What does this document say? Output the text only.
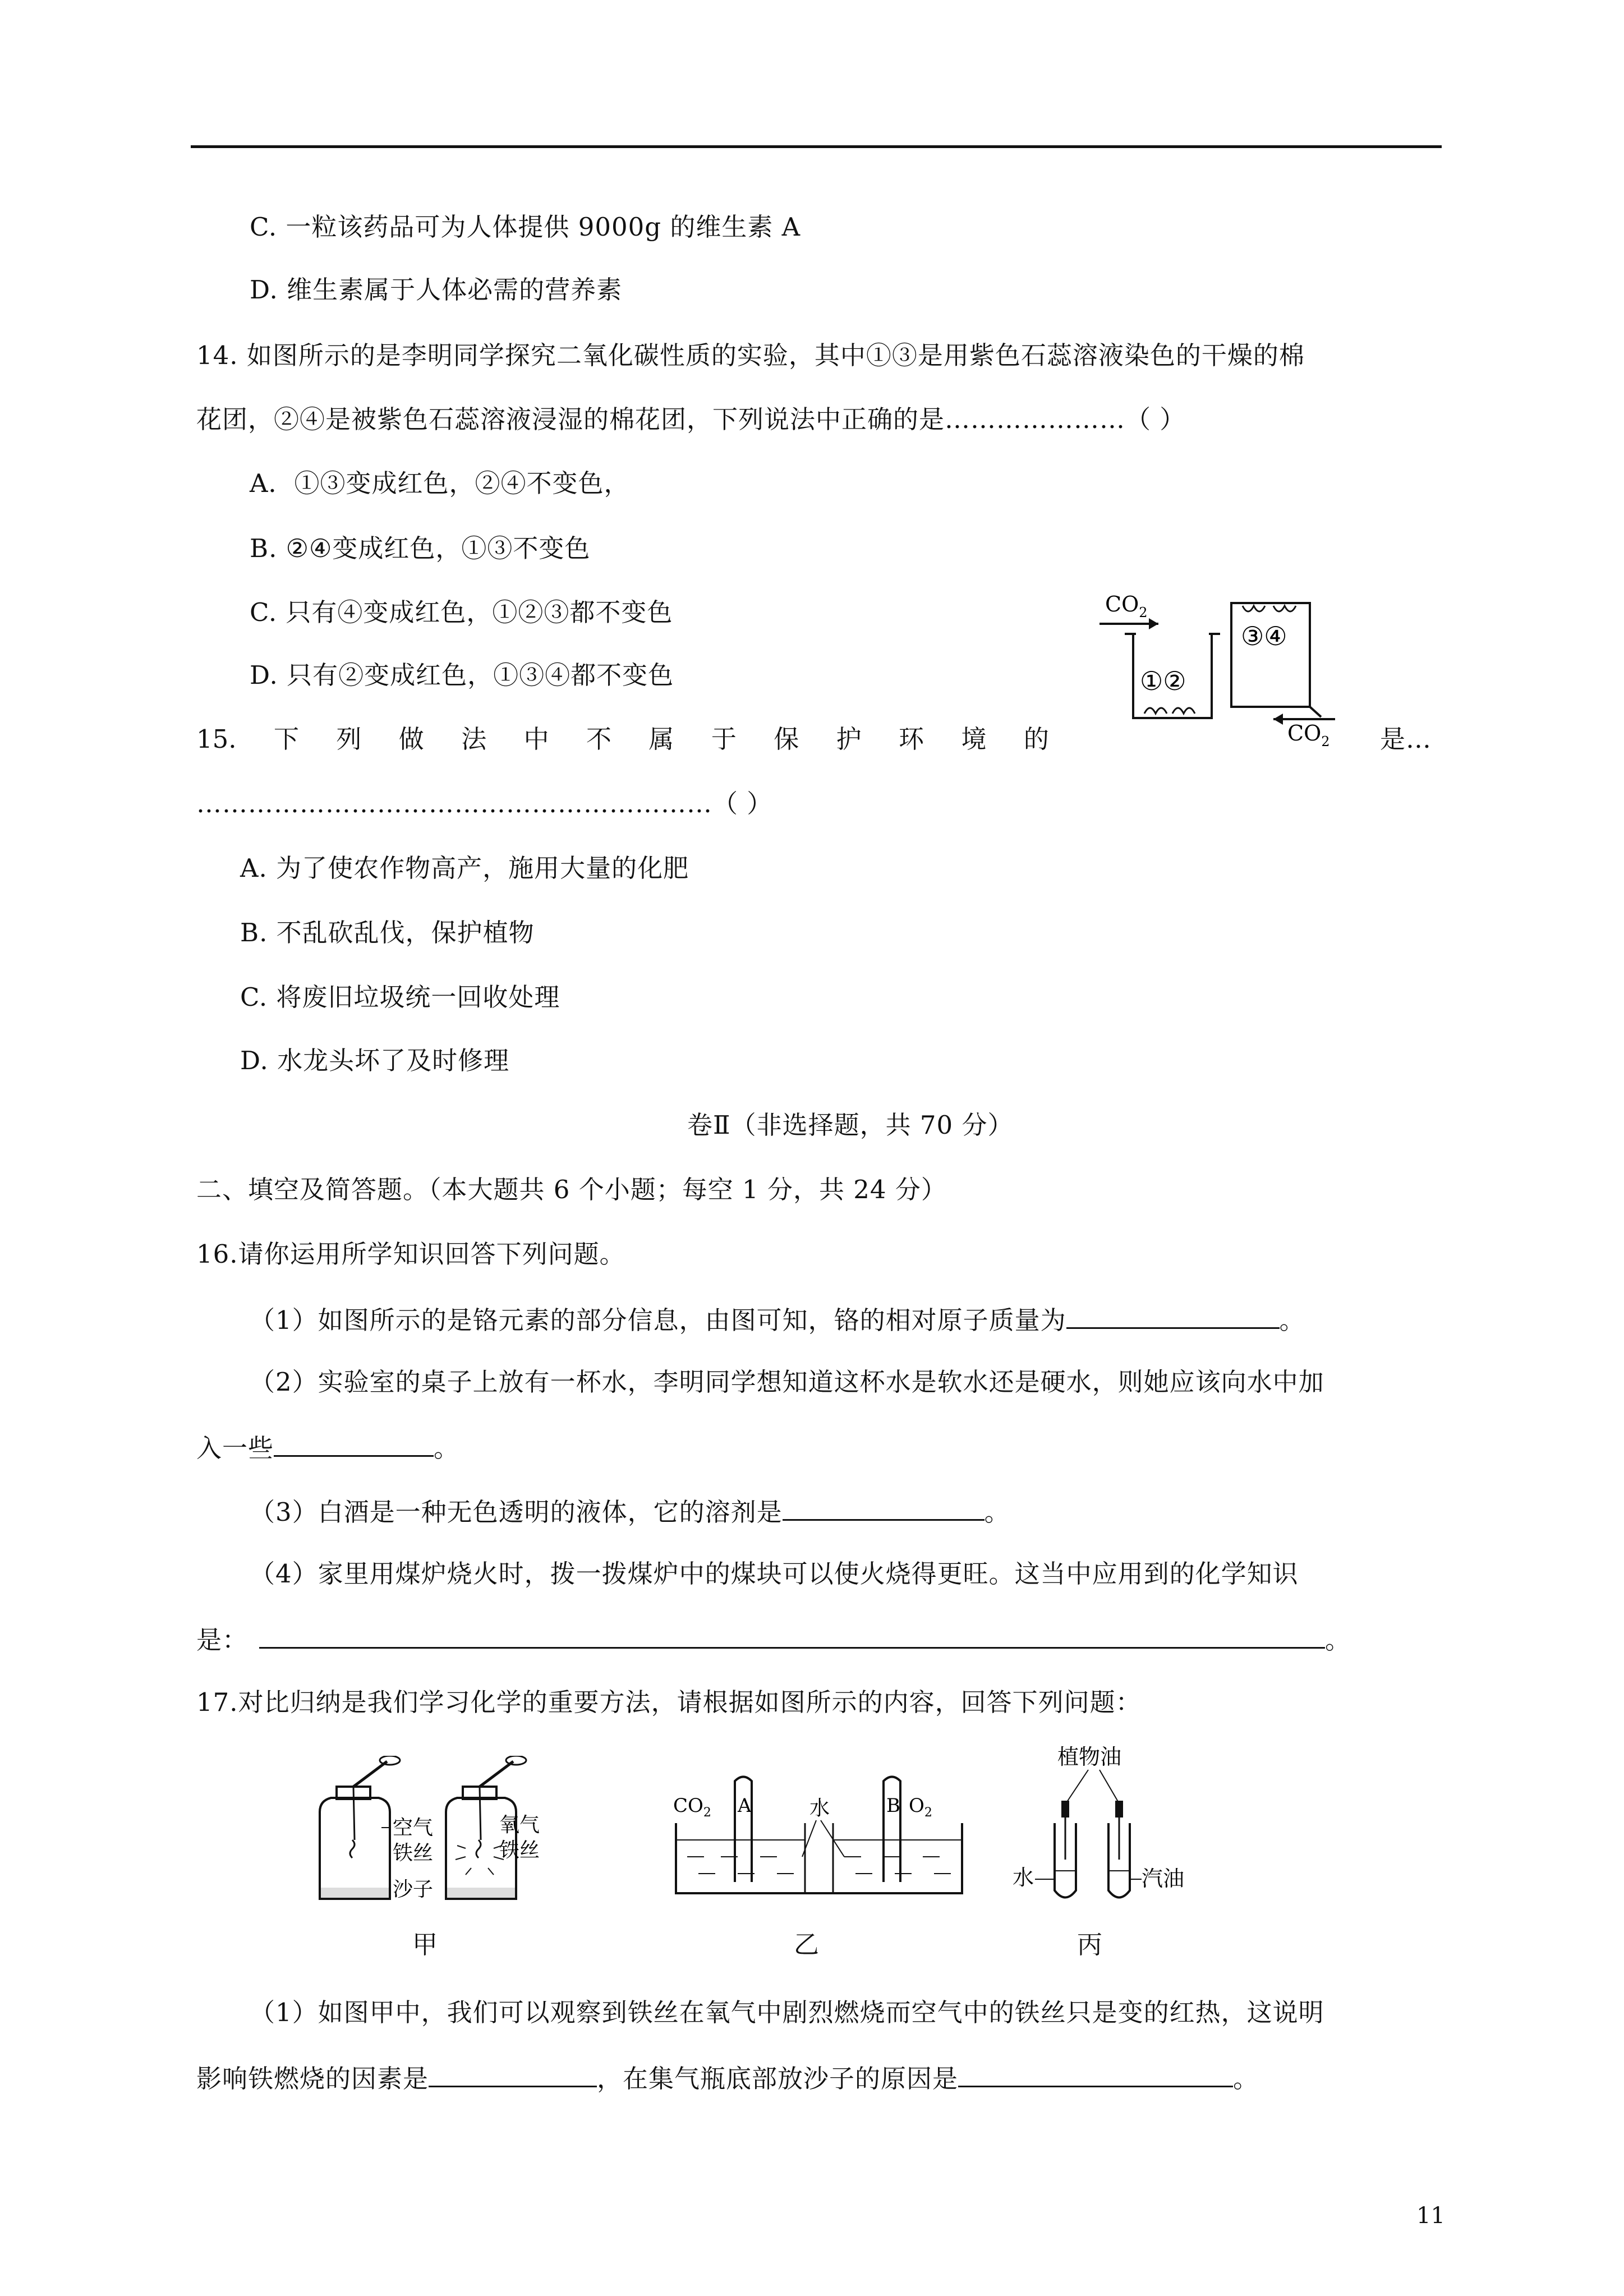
C. 一粒该药品可为人体提供 9000g 的维生素 A
D. 维生素属于人体必需的营养素
14. 如图所示的是李明同学探究二氧化碳性质的实验，其中①③是用紫色石蕊溶液染色的干燥的棉
花团，②④是被紫色石蕊溶液浸湿的棉花团，下列说法中正确的是…………………（ ）
A．①③变成红色，②④不变色，
B. ②④变成红色，①③不变色
C. 只有④变成红色，①②③都不变色
D. 只有②变成红色，①③④都不变色
$CO_2$
①②
③④
$CO_2$
15. 下 列 做 法 中 不 属 于 保 护 环 境 的	是…
……………………………………………………（ ）
A. 为了使农作物高产，施用大量的化肥
B. 不乱砍乱伐，保护植物
C. 将废旧垃圾统一回收处理
D. 水龙头坏了及时修理
卷Ⅱ（非选择题，共 70 分）
二、填空及简答题。（本大题共 6 个小题；每空 1 分，共 24 分）
16.请你运用所学知识回答下列问题。
（1）如图所示的是铬元素的部分信息，由图可知，铬的相对原子质量为	。
（2）实验室的桌子上放有一杯水，李明同学想知道这杯水是软水还是硬水，则她应该向水中加
入一些	。
（3）白酒是一种无色透明的液体，它的溶剂是	。
（4）家里用煤炉烧火时，拨一拨煤炉中的煤块可以使火烧得更旺。这当中应用到的化学知识
是：	。
17.对比归纳是我们学习化学的重要方法，请根据如图所示的内容，回答下列问题：
空气
铁丝
沙子
氧气
铁丝
甲
$CO_2$ A	水	B $O_2$
乙
植物油
水	汽油
丙
（1）如图甲中，我们可以观察到铁丝在氧气中剧烈燃烧而空气中的铁丝只是变的红热，这说明
影响铁燃烧的因素是	，在集气瓶底部放沙子的原因是	。
11
